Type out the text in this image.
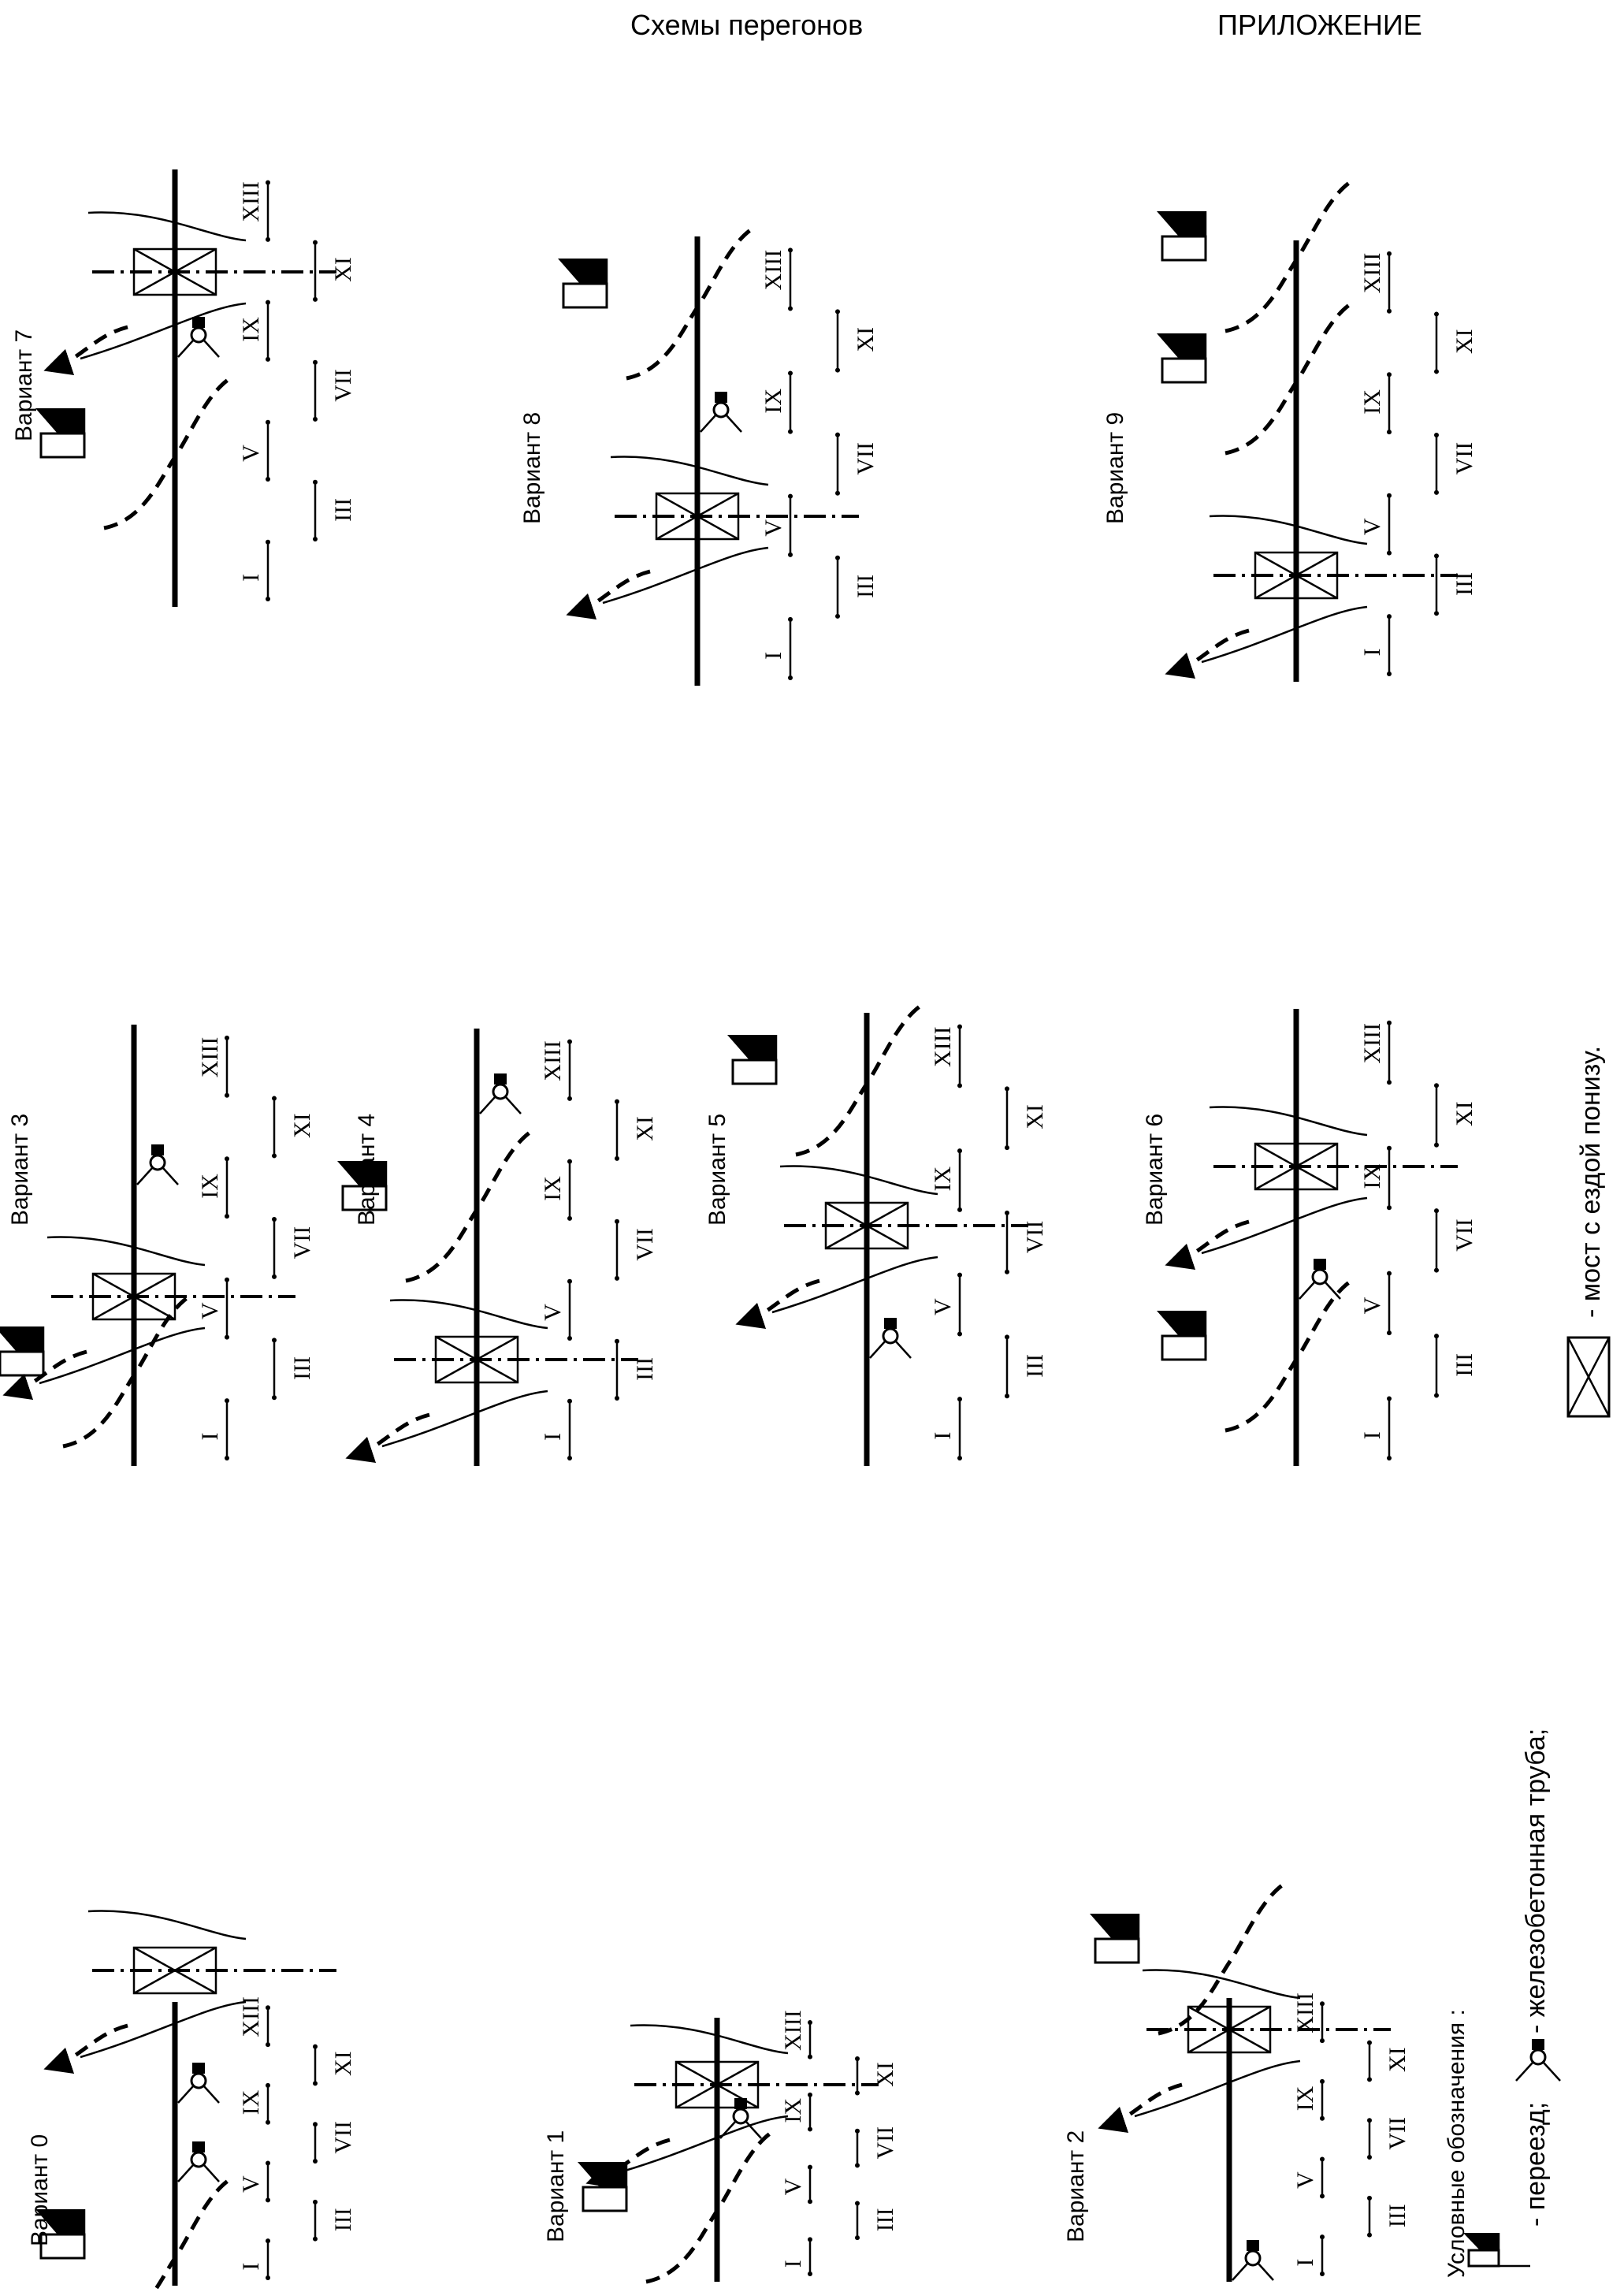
Схемы перегонов	ПРИЛОЖЕНИЕ
Вариант 0
I
III
V
VII
IX
XI
XIII
Вариант 1
I
III
V
VII
IX
XI
XIII
Вариант 2
I
III
V
VII
IX
XI
XIII
Вариант 3
I
III
V
VII
IX
XI
XIII
I
III
V
VII
IX
XI
XIII
Вариант 5
I
III
V
VII
IX
XI
XIII
Вариант 6
I
III
V
VII
IX
XI
XIII
Вариант 7
I
III
V
VII
IX
XI
XIII
Вариант 8
I
III
V
VII
IX
XI
XIII
Вариант 9
I
III
V
VII
IX
XI
XIII
Условные обозначения : - переезд;
- железобетонная труба;
- мост с ездой понизу.
